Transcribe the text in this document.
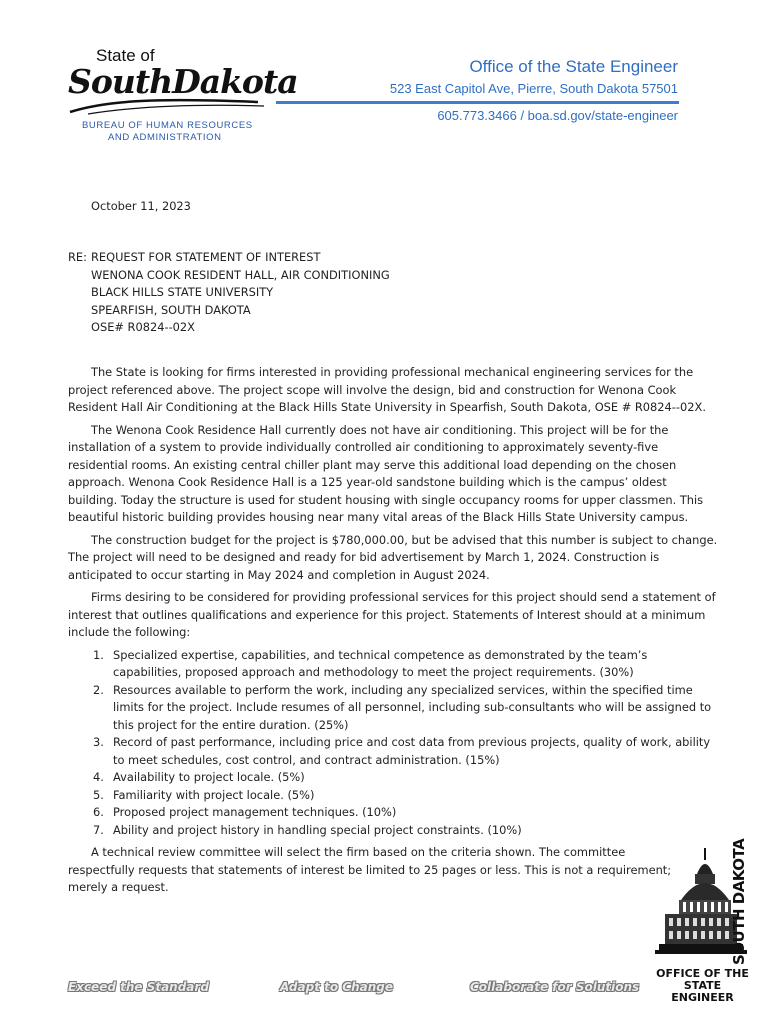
State of
SouthDakota
BUREAU OF HUMAN RESOURCES
AND ADMINISTRATION
Office of the State Engineer
523 East Capitol Ave, Pierre, South Dakota 57501
605.773.3466 / boa.sd.gov/state-engineer
October 11, 2023
RE: REQUEST FOR STATEMENT OF INTEREST
WENONA COOK RESIDENT HALL, AIR CONDITIONING
BLACK HILLS STATE UNIVERSITY
SPEARFISH, SOUTH DAKOTA
OSE# R0824--02X

The State is looking for firms interested in providing professional mechanical engineering services for the project referenced above. The project scope will involve the design, bid and construction for Wenona Cook Resident Hall Air Conditioning at the Black Hills State University in Spearfish, South Dakota, OSE # R0824--02X.

The Wenona Cook Residence Hall currently does not have air conditioning. This project will be for the installation of a system to provide individually controlled air conditioning to approximately seventy-five residential rooms. An existing central chiller plant may serve this additional load depending on the chosen approach. Wenona Cook Residence Hall is a 125 year-old sandstone building which is the campus’ oldest building. Today the structure is used for student housing with single occupancy rooms for upper classmen. This beautiful historic building provides housing near many vital areas of the Black Hills State University campus.

The construction budget for the project is $780,000.00, but be advised that this number is subject to change. The project will need to be designed and ready for bid advertisement by March 1, 2024. Construction is anticipated to occur starting in May 2024 and completion in August 2024.

Firms desiring to be considered for providing professional services for this project should send a statement of interest that outlines qualifications and experience for this project. Statements of Interest should at a minimum include the following:

1. Specialized expertise, capabilities, and technical competence as demonstrated by the team’s capabilities, proposed approach and methodology to meet the project requirements. (30%)
2. Resources available to perform the work, including any specialized services, within the specified time limits for the project. Include resumes of all personnel, including sub-consultants who will be assigned to this project for the entire duration. (25%)
3. Record of past performance, including price and cost data from previous projects, quality of work, ability to meet schedules, cost control, and contract administration. (15%)
4. Availability to project locale. (5%)
5. Familiarity with project locale. (5%)
6. Proposed project management techniques. (10%)
7. Ability and project history in handling special project constraints. (10%)

A technical review committee will select the firm based on the criteria shown. The committee respectfully requests that statements of interest be limited to 25 pages or less. This is not a requirement; merely a request.	SOUTH DAKOTA
OFFICE OF THE
STATE ENGINEER
Exceed the Standard	Adapt to Change	Collaborate for Solutions
